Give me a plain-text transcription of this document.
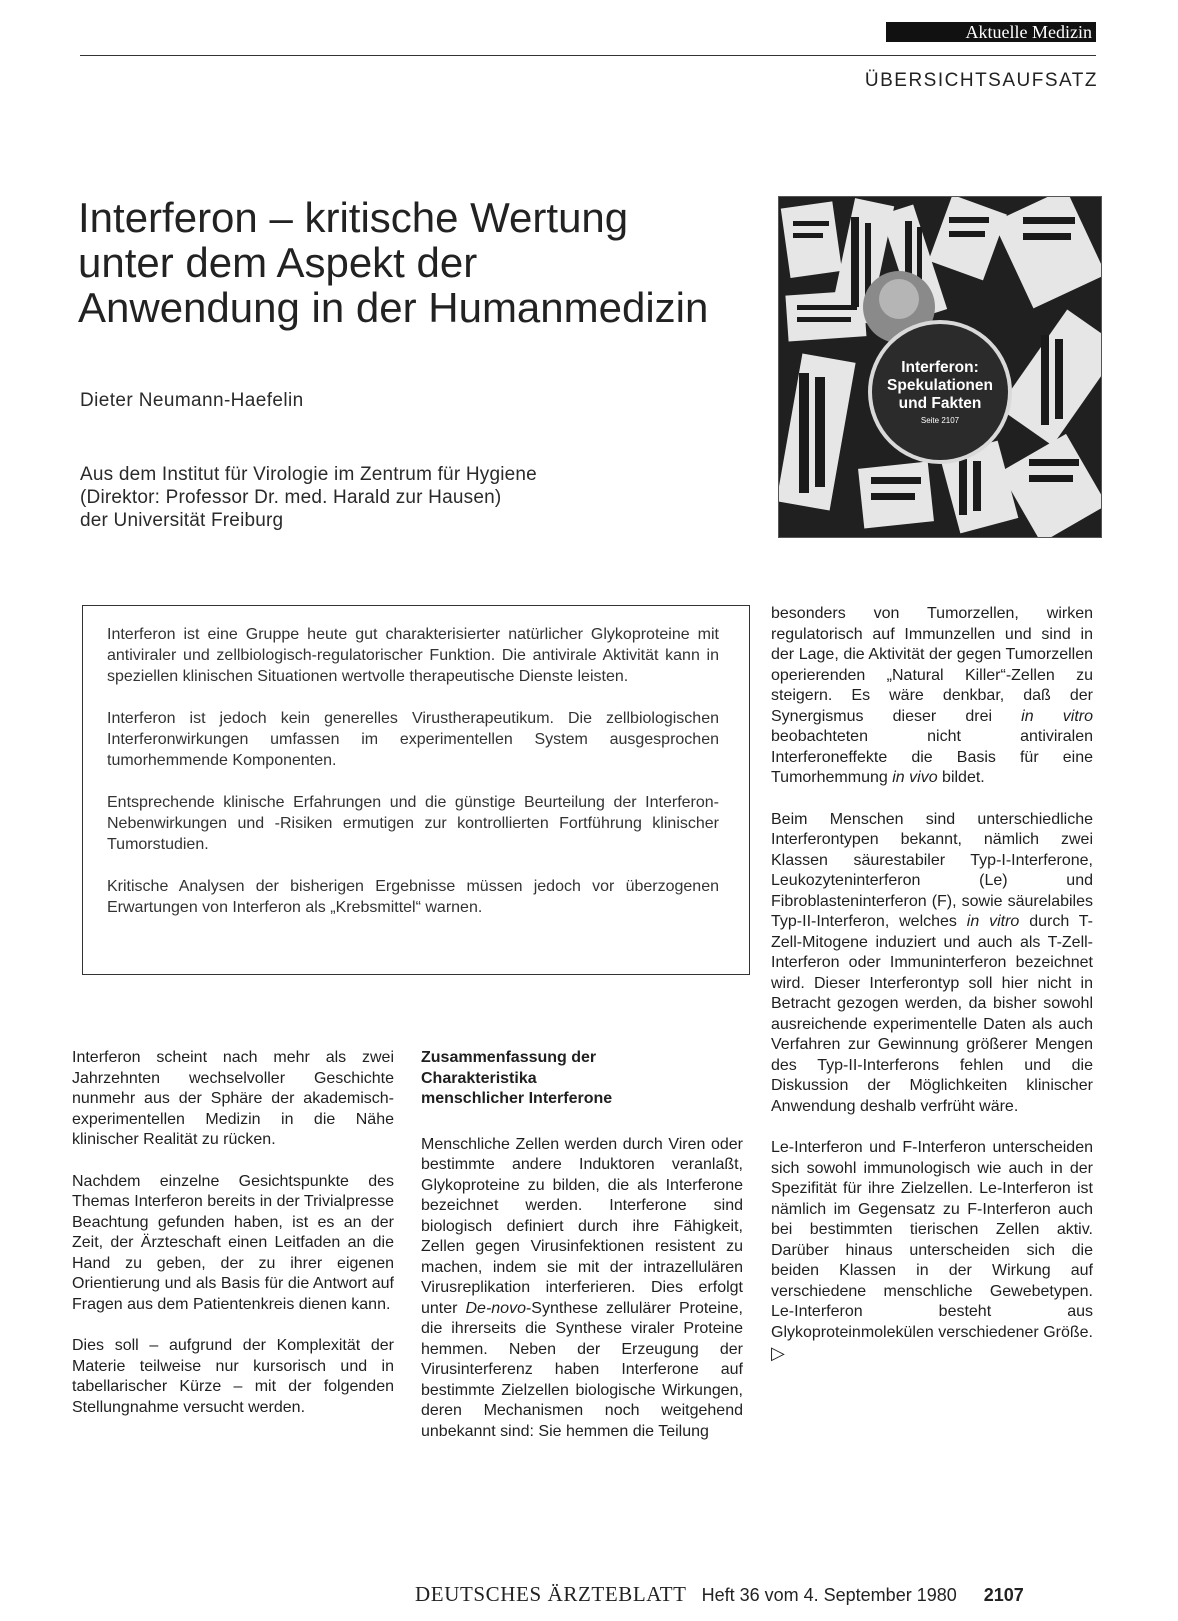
Aktuelle Medizin
ÜBERSICHTSAUFSATZ
Interferon – kritische Wertung
unter dem Aspekt der
Anwendung in der Humanmedizin
Dieter Neumann-Haefelin
Aus dem Institut für Virologie im Zentrum für Hygiene
(Direktor: Professor Dr. med. Harald zur Hausen)
der Universität Freiburg
Interferon:
Spekulationen
und Fakten
Seite 2107

Interferon ist eine Gruppe heute gut charakterisierter natürlicher Glykoproteine mit antiviraler und zellbiologisch-regulatorischer Funktion. Die antivirale Aktivität kann in speziellen klinischen Situationen wertvolle therapeutische Dienste leisten.

Interferon ist jedoch kein generelles Virustherapeutikum. Die zellbiologischen Interferonwirkungen umfassen im experimentellen System ausgesprochen tumorhemmende Komponenten.

Entsprechende klinische Erfahrungen und die günstige Beurteilung der Interferon-Nebenwirkungen und -Risiken ermutigen zur kontrollierten Fortführung klinischer Tumorstudien.

Kritische Analysen der bisherigen Ergebnisse müssen jedoch vor überzogenen Erwartungen von Interferon als „Krebsmittel“ warnen.

Interferon scheint nach mehr als zwei Jahrzehnten wechselvoller Geschichte nunmehr aus der Sphäre der akademisch-experimentellen Medizin in die Nähe klinischer Realität zu rücken.

Nachdem einzelne Gesichtspunkte des Themas Interferon bereits in der Trivialpresse Beachtung gefunden haben, ist es an der Zeit, der Ärzteschaft einen Leitfaden an die Hand zu geben, der zu ihrer eigenen Orientierung und als Basis für die Antwort auf Fragen aus dem Patientenkreis dienen kann.

Dies soll – aufgrund der Komplexität der Materie teilweise nur kursorisch und in tabellarischer Kürze – mit der folgenden Stellungnahme versucht werden.

Zusammenfassung der
Charakteristika
menschlicher Interferone

Menschliche Zellen werden durch Viren oder bestimmte andere Induktoren veranlaßt, Glykoproteine zu bilden, die als Interferone bezeichnet werden. Interferone sind biologisch definiert durch ihre Fähigkeit, Zellen gegen Virusinfektionen resistent zu machen, indem sie mit der intrazellulären Virusreplikation interferieren. Dies erfolgt unter De-novo-Synthese zellulärer Proteine, die ihrerseits die Synthese viraler Proteine hemmen. Neben der Erzeugung der Virusinterferenz haben Interferone auf bestimmte Zielzellen biologische Wirkungen, deren Mechanismen noch weitgehend unbekannt sind: Sie hemmen die Teilung

besonders von Tumorzellen, wirken regulatorisch auf Immunzellen und sind in der Lage, die Aktivität der gegen Tumorzellen operierenden „Natural Killer“-Zellen zu steigern. Es wäre denkbar, daß der Synergismus dieser drei in vitro beobachteten nicht antiviralen Interferoneffekte die Basis für eine Tumorhemmung in vivo bildet.

Beim Menschen sind unterschiedliche Interferontypen bekannt, nämlich zwei Klassen säurestabiler Typ-I-Interferone, Leukozyteninterferon (Le) und Fibroblasteninterferon (F), sowie säurelabiles Typ-II-Interferon, welches in vitro durch T-Zell-Mitogene induziert und auch als T-Zell-Interferon oder Immuninterferon bezeichnet wird. Dieser Interferontyp soll hier nicht in Betracht gezogen werden, da bisher sowohl ausreichende experimentelle Daten als auch Verfahren zur Gewinnung größerer Mengen des Typ-II-Interferons fehlen und die Diskussion der Möglichkeiten klinischer Anwendung deshalb verfrüht wäre.

Le-Interferon und F-Interferon unterscheiden sich sowohl immunologisch wie auch in der Spezifität für ihre Zielzellen. Le-Interferon ist nämlich im Gegensatz zu F-Interferon auch bei bestimmten tierischen Zellen aktiv. Darüber hinaus unterscheiden sich die beiden Klassen in der Wirkung auf verschiedene menschliche Gewebetypen. Le-Interferon besteht aus Glykoproteinmolekülen verschiedener Größe. ▷

DEUTSCHES ÄRZTEBLATT Heft 36 vom 4. September 1980 2107
